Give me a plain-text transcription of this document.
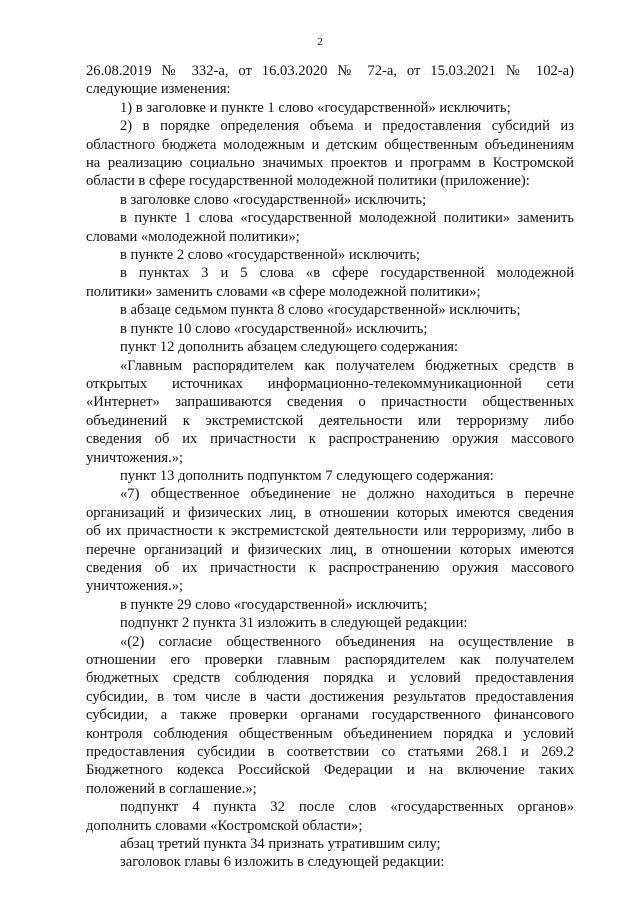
2

26.08.2019 № 332-а, от 16.03.2020 № 72-а, от 15.03.2021 № 102-а)

следующие изменения:

1) в заголовке и пункте 1 слово «государственной» исключить;

2) в порядке определения объема и предоставления субсидий из

областного бюджета молодежным и детским общественным объединениям

на реализацию социально значимых проектов и программ в Костромской

области в сфере государственной молодежной политики (приложение):

в заголовке слово «государственной» исключить;

в пункте 1 слова «государственной молодежной политики» заменить

словами «молодежной политики»;

в пункте 2 слово «государственной» исключить;

в пунктах 3 и 5 слова «в сфере государственной молодежной

политики» заменить словами «в сфере молодежной политики»;

в абзаце седьмом пункта 8 слово «государственной» исключить;

в пункте 10 слово «государственной» исключить;

пункт 12 дополнить абзацем следующего содержания:

«Главным распорядителем как получателем бюджетных средств в

открытых источниках информационно-телекоммуникационной сети

«Интернет» запрашиваются сведения о причастности общественных

объединений к экстремистской деятельности или терроризму либо

сведения об их причастности к распространению оружия массового

уничтожения.»;

пункт 13 дополнить подпунктом 7 следующего содержания:

«7) общественное объединение не должно находиться в перечне

организаций и физических лиц, в отношении которых имеются сведения

об их причастности к экстремистской деятельности или терроризму, либо в

перечне организаций и физических лиц, в отношении которых имеются

сведения об их причастности к распространению оружия массового

уничтожения.»;

в пункте 29 слово «государственной» исключить;

подпункт 2 пункта 31 изложить в следующей редакции:

«(2) согласие общественного объединения на осуществление в

отношении его проверки главным распорядителем как получателем

бюджетных средств соблюдения порядка и условий предоставления

субсидии, в том числе в части достижения результатов предоставления

субсидии, а также проверки органами государственного финансового

контроля соблюдения общественным объединением порядка и условий

предоставления субсидии в соответствии со статьями 268.1 и 269.2

Бюджетного кодекса Российской Федерации и на включение таких

положений в соглашение.»;

подпункт 4 пункта 32 после слов «государственных органов»

дополнить словами «Костромской области»;

абзац третий пункта 34 признать утратившим силу;

заголовок главы 6 изложить в следующей редакции:
